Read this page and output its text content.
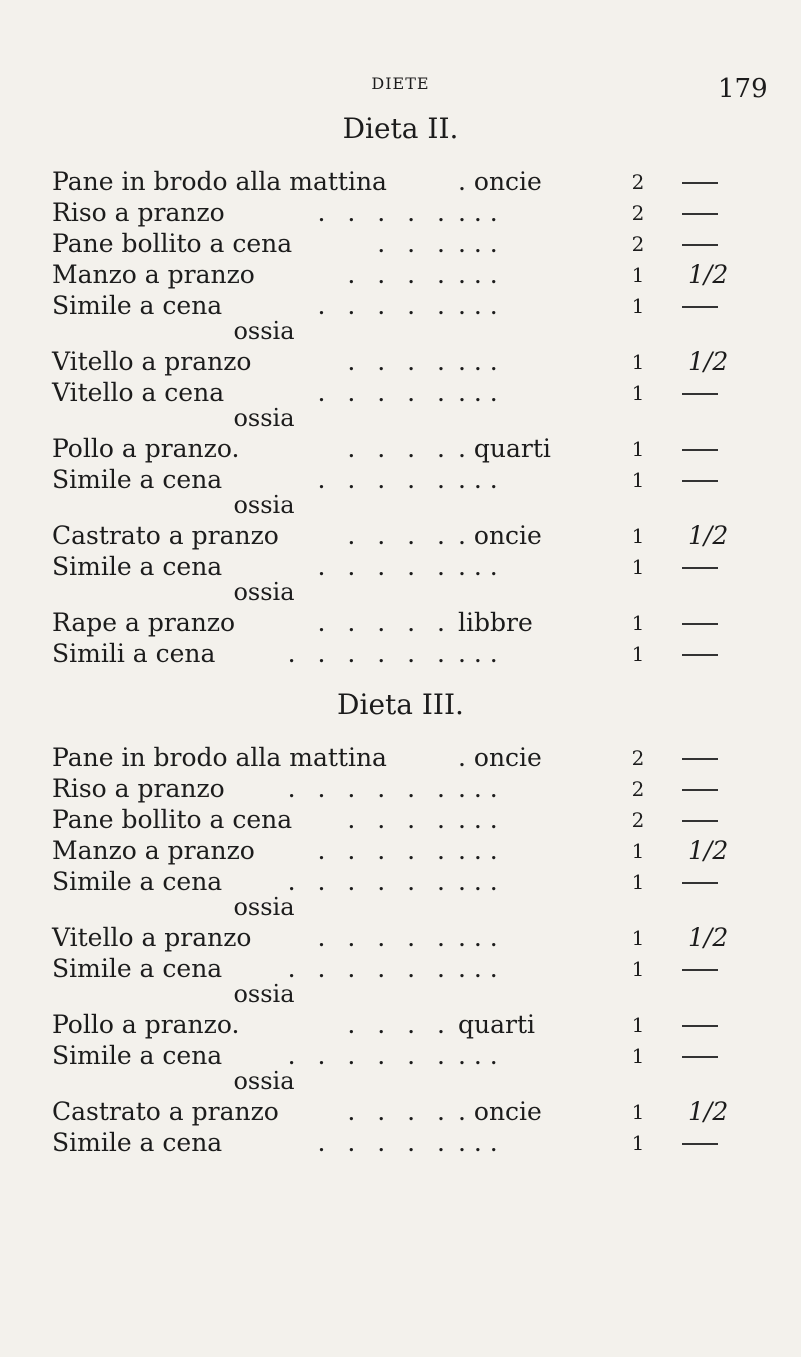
DIETE	179
Dieta II.
Pane in brodo alla mattina	. oncie	2
Riso a pranzo	. . . . . . . .	2
Pane bollito a cena	. . . . . .	2
Manzo a pranzo	. . . . . . .	1	1/2
Simile a cena	. . . . . . . .	1
ossia
Vitello a pranzo	. . . . . . .	1	1/2
Vitello a cena	. . . . . . . .	1
ossia
Pollo a pranzo.	. . . . . quarti	1
Simile a cena	. . . . . . . .	1
ossia
Castrato a pranzo	. . . . . oncie	1	1/2
Simile a cena	. . . . . . . .	1
ossia
Rape a pranzo	. . . . . libbre	1
Simili a cena	. . . . . . . . .	1
Dieta III.
Pane in brodo alla mattina	. oncie	2
Riso a pranzo	. . . . . . . . .	2
Pane bollito a cena	. . . . . . .	2
Manzo a pranzo	. . . . . . . .	1	1/2
Simile a cena	. . . . . . . . .	1
ossia
Vitello a pranzo	. . . . . . . .	1	1/2
Simile a cena	. . . . . . . . .	1
ossia
Pollo a pranzo.	. . . . quarti	1
Simile a cena	. . . . . . . . .	1
ossia
Castrato a pranzo	. . . . . oncie	1	1/2
Simile a cena	. . . . . . . .	1
